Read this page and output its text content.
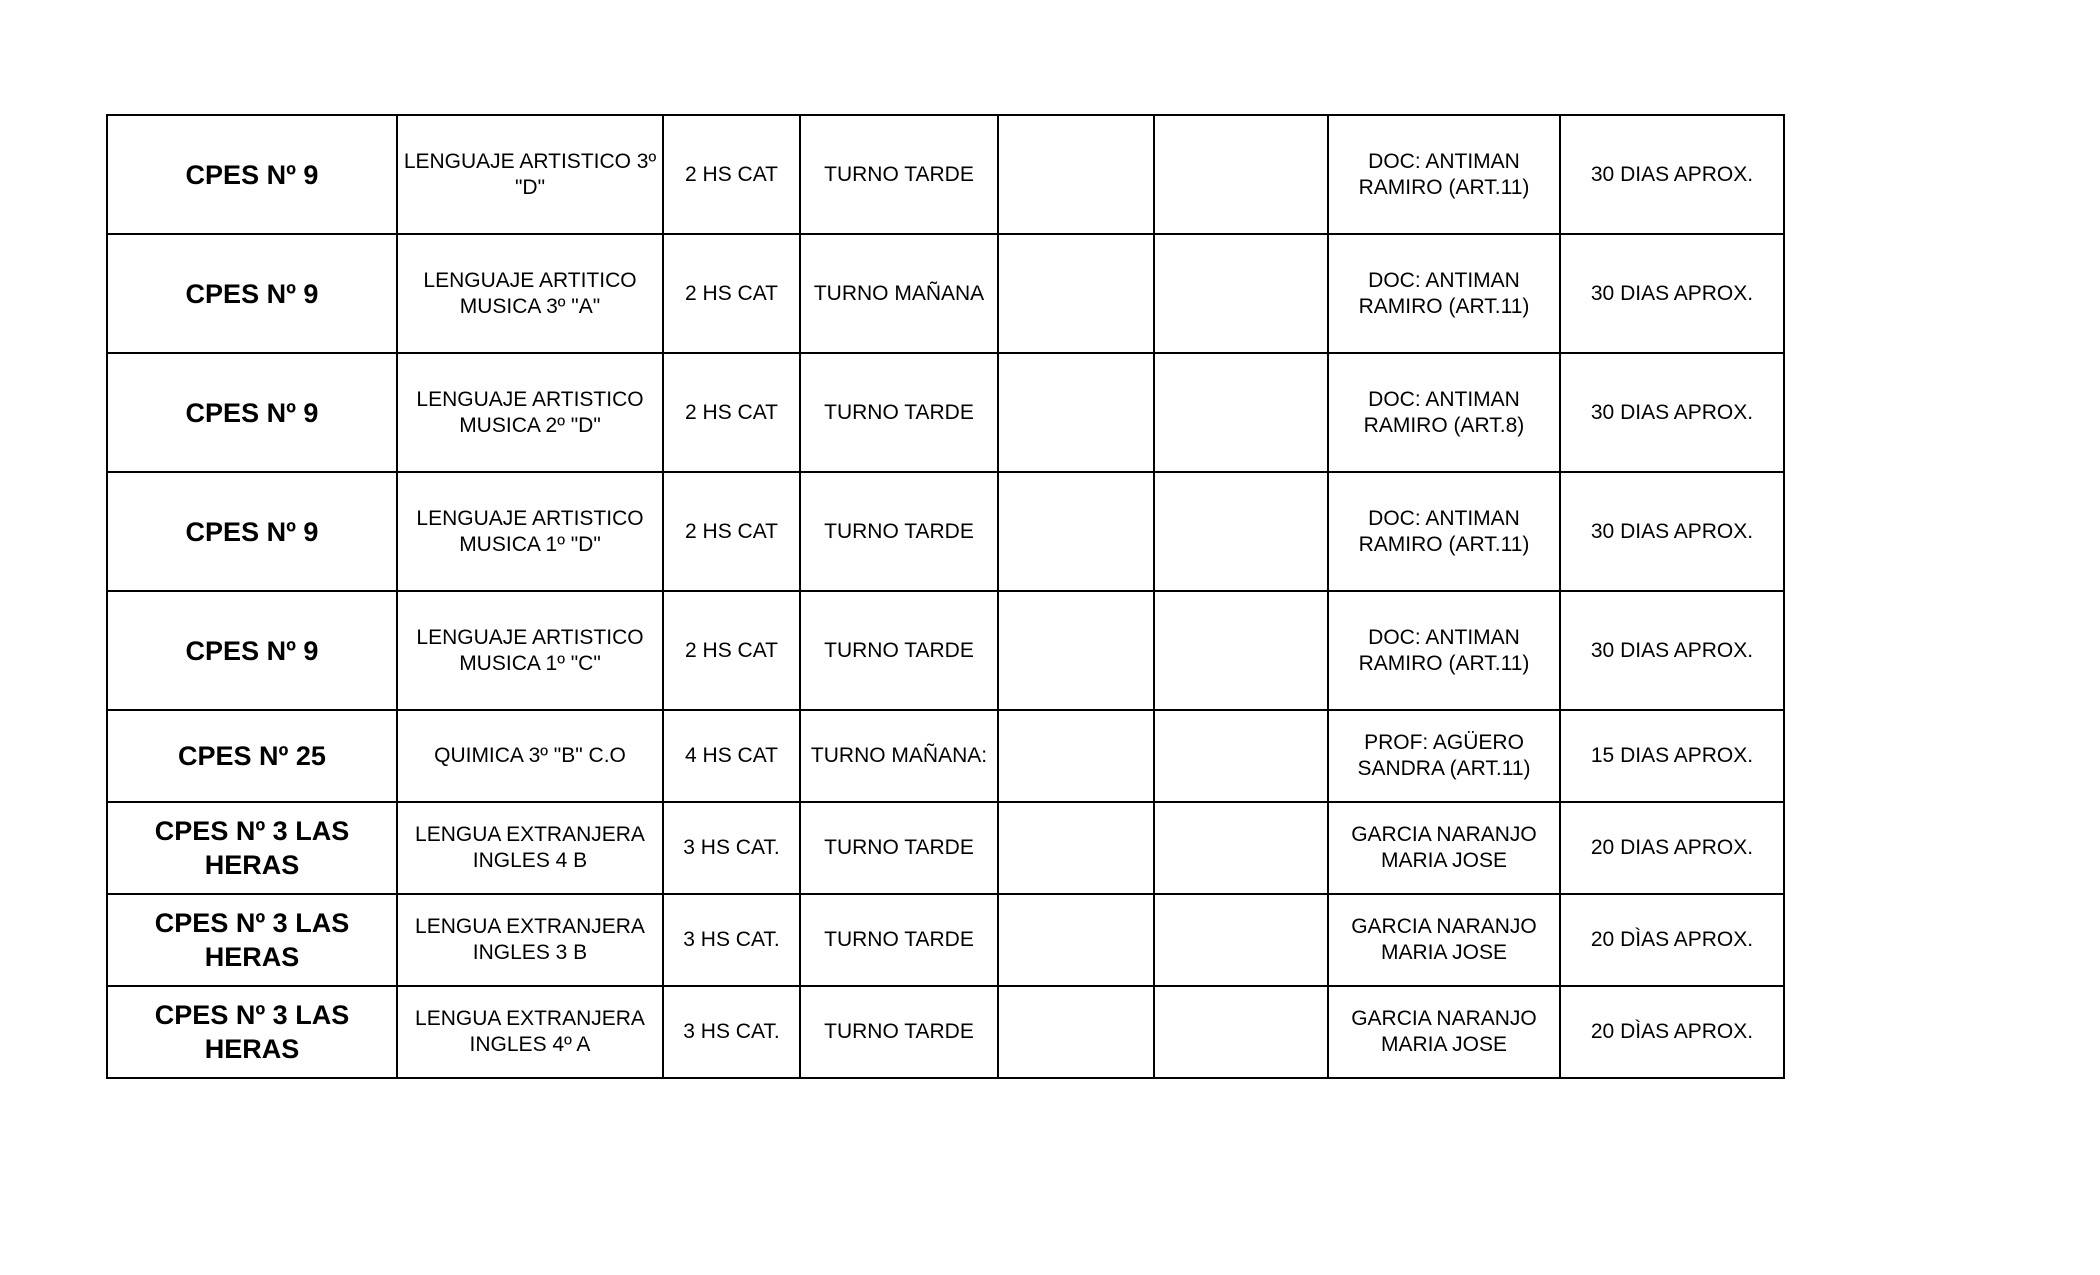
CPES Nº 9	LENGUAJE ARTISTICO 3º "D"	2 HS CAT	TURNO TARDE			DOC: ANTIMAN RAMIRO (ART.11)	30 DIAS APROX.
CPES Nº 9	LENGUAJE ARTITICO MUSICA 3º "A"	2 HS CAT	TURNO MAÑANA			DOC: ANTIMAN RAMIRO (ART.11)	30 DIAS APROX.
CPES Nº 9	LENGUAJE ARTISTICO MUSICA 2º "D"	2 HS CAT	TURNO TARDE			DOC: ANTIMAN RAMIRO (ART.8)	30 DIAS APROX.
CPES Nº 9	LENGUAJE ARTISTICO MUSICA 1º "D"	2 HS CAT	TURNO TARDE			DOC: ANTIMAN RAMIRO (ART.11)	30 DIAS APROX.
CPES Nº 9	LENGUAJE ARTISTICO MUSICA 1º "C"	2 HS CAT	TURNO TARDE			DOC: ANTIMAN RAMIRO (ART.11)	30 DIAS APROX.
CPES Nº 25	QUIMICA 3º "B" C.O	4 HS CAT	TURNO MAÑANA:			PROF: AGÜERO SANDRA (ART.11)	15 DIAS APROX.
CPES Nº 3 LAS HERAS	LENGUA EXTRANJERA INGLES 4 B	3 HS CAT.	TURNO TARDE			GARCIA NARANJO MARIA JOSE	20 DIAS APROX.
CPES Nº 3 LAS HERAS	LENGUA EXTRANJERA INGLES 3 B	3 HS CAT.	TURNO TARDE			GARCIA NARANJO MARIA JOSE	20 DÌAS APROX.
CPES Nº 3 LAS HERAS	LENGUA EXTRANJERA INGLES 4º A	3 HS CAT.	TURNO TARDE			GARCIA NARANJO MARIA JOSE	20 DÌAS APROX.
